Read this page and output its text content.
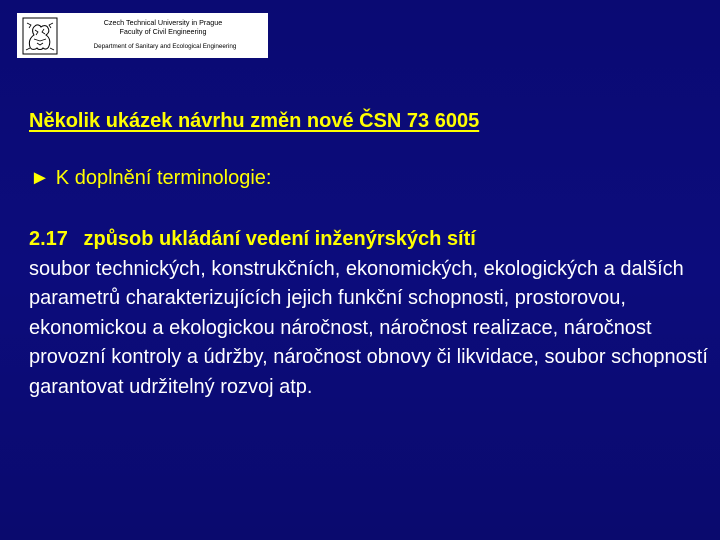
Czech Technical University in Prague
Faculty of Civil Engineering
Department of Sanitary and Ecological Engineering
Několik ukázek návrhu změn nové ČSN 73 6005
► K doplnění terminologie:
2.17 způsob ukládání vedení inženýrských sítí
soubor technických, konstrukčních, ekonomických, ekologických a dalších parametrů charakterizujících jejich funkční schopnosti, prostorovou, ekonomickou a ekologickou náročnost, náročnost realizace, náročnost provozní kontroly a údržby, náročnost obnovy či likvidace, soubor schopností garantovat udržitelný rozvoj atp.
